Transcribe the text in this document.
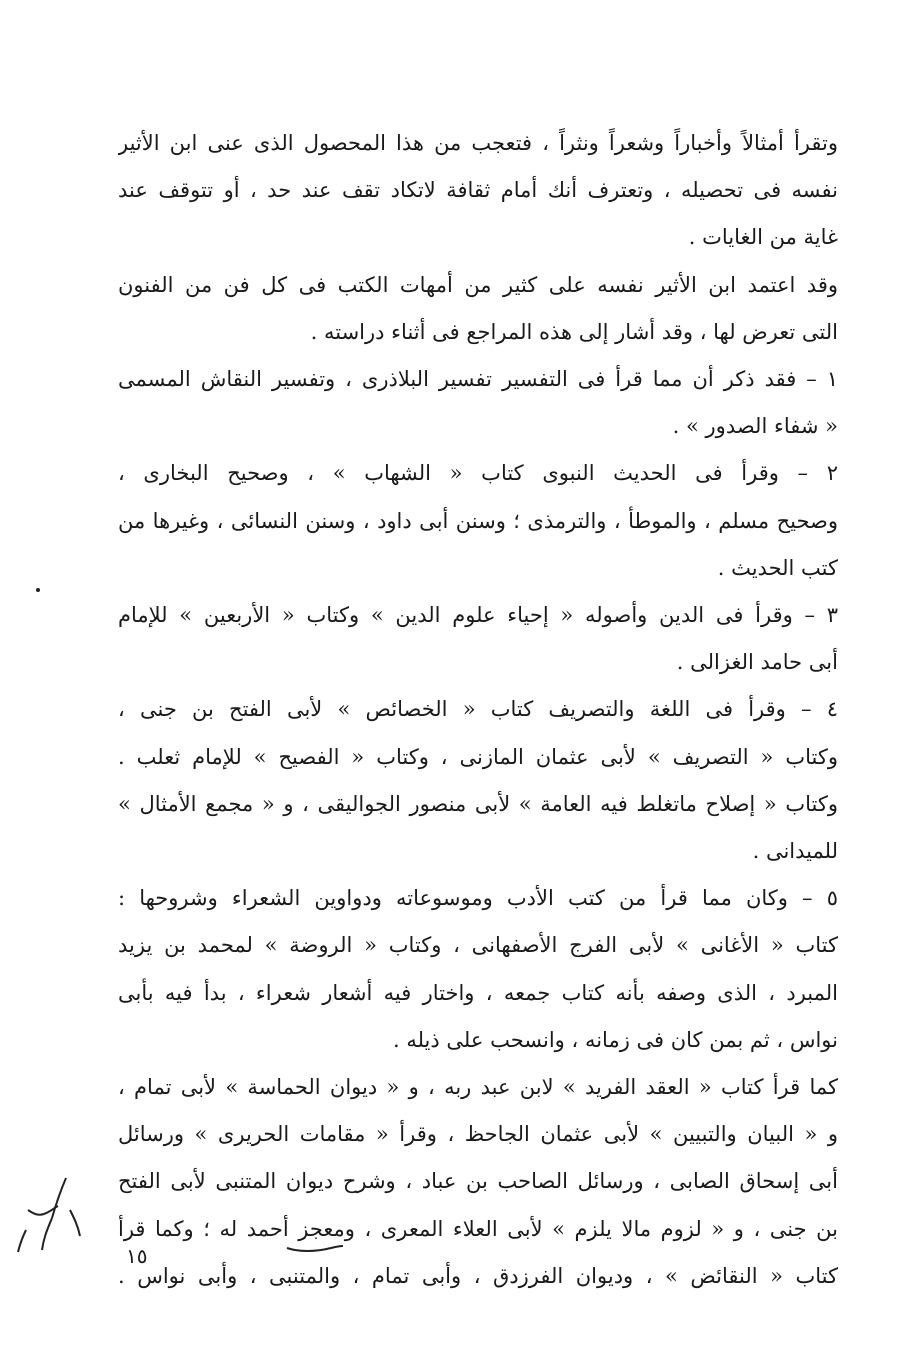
وتقرأ أمثالاً وأخباراً وشعراً ونثراً ، فتعجب من هذا المحصول الذى عنى ابن الأثير
نفسه فى تحصيله ، وتعترف أنك أمام ثقافة لاتكاد تقف عند حد ، أو تتوقف عند
غاية من الغايات .
وقد اعتمد ابن الأثير نفسه على كثير من أمهات الكتب فى كل فن من الفنون
التى تعرض لها ، وقد أشار إلى هذه المراجع فى أثناء دراسته .
١ – فقد ذكر أن مما قرأ فى التفسير تفسير البلاذرى ، وتفسير النقاش المسمى
« شفاء الصدور » .
٢ – وقرأ فى الحديث النبوى كتاب « الشهاب » ، وصحيح البخارى ،
وصحيح مسلم ، والموطأ ، والترمذى ؛ وسنن أبى داود ، وسنن النسائى ، وغيرها من
كتب الحديث .
٣ – وقرأ فى الدين وأصوله « إحياء علوم الدين » وكتاب « الأربعين » للإمام
أبى حامد الغزالى .
٤ – وقرأ فى اللغة والتصريف كتاب « الخصائص » لأبى الفتح بن جنى ،
وكتاب « التصريف » لأبى عثمان المازنى ، وكتاب « الفصيح » للإمام ثعلب .
وكتاب « إصلاح ماتغلط فيه العامة » لأبى منصور الجواليقى ، و « مجمع الأمثال »
للميدانى .
٥ – وكان مما قرأ من كتب الأدب وموسوعاته ودواوين الشعراء وشروحها :
كتاب « الأغانى » لأبى الفرج الأصفهانى ، وكتاب « الروضة » لمحمد بن يزيد
المبرد ، الذى وصفه بأنه كتاب جمعه ، واختار فيه أشعار شعراء ، بدأ فيه بأبى
نواس ، ثم بمن كان فى زمانه ، وانسحب على ذيله .
كما قرأ كتاب « العقد الفريد » لابن عبد ربه ، و « ديوان الحماسة » لأبى تمام ،
و « البيان والتبيين » لأبى عثمان الجاحظ ، وقرأ « مقامات الحريرى » ورسائل
أبى إسحاق الصابى ، ورسائل الصاحب بن عباد ، وشرح ديوان المتنبى لأبى الفتح
بن جنى ، و « لزوم مالا يلزم » لأبى العلاء المعرى ، ومعجز أحمد له ؛ وكما قرأ
كتاب « النقائض » ، وديوان الفرزدق ، وأبى تمام ، والمتنبى ، وأبى نواس .
١٥
